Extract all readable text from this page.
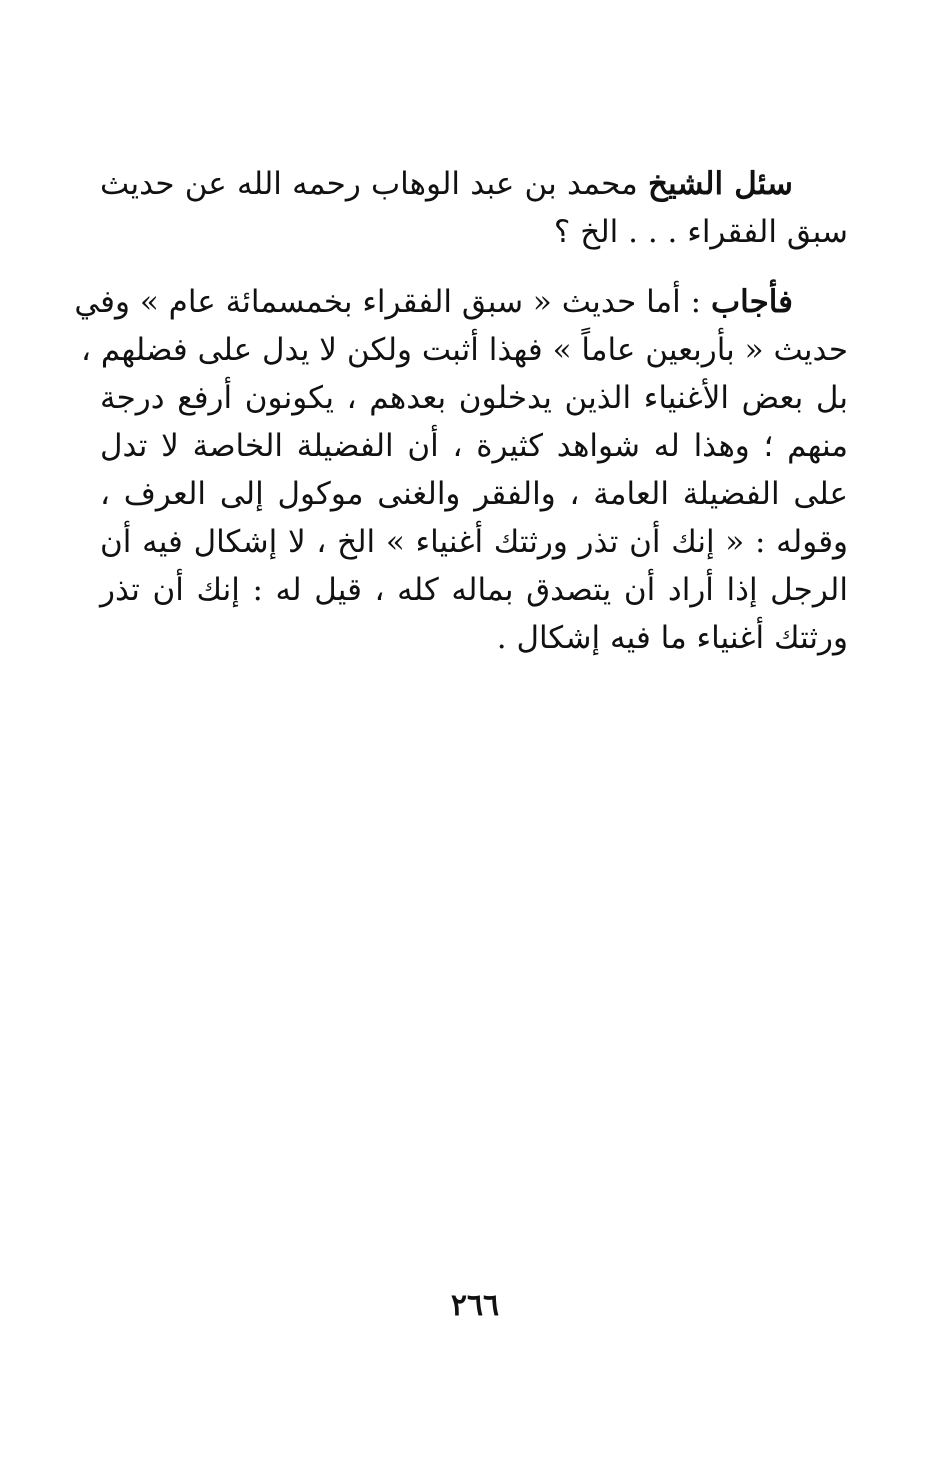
سئل الشيخ محمد بن عبد الوهاب رحمه الله عن حديث
سبق الفقراء . . . الخ ؟
فأجاب : أما حديث « سبق الفقراء بخمسمائة عام » وفي
حديث « بأربعين عاماً » فهذا أثبت ولكن لا يدل على فضلهم ،
بل بعض الأغنياء الذين يدخلون بعدهم ، يكونون أرفع درجة
منهم ؛ وهذا له شواهد كثيرة ، أن الفضيلة الخاصة لا تدل
على الفضيلة العامة ، والفقر والغنى موكول إلى العرف ،
وقوله : « إنك أن تذر ورثتك أغنياء » الخ ، لا إشكال فيه أن
الرجل إذا أراد أن يتصدق بماله كله ، قيل له : إنك أن تذر
ورثتك أغنياء ما فيه إشكال .
٢٦٦
